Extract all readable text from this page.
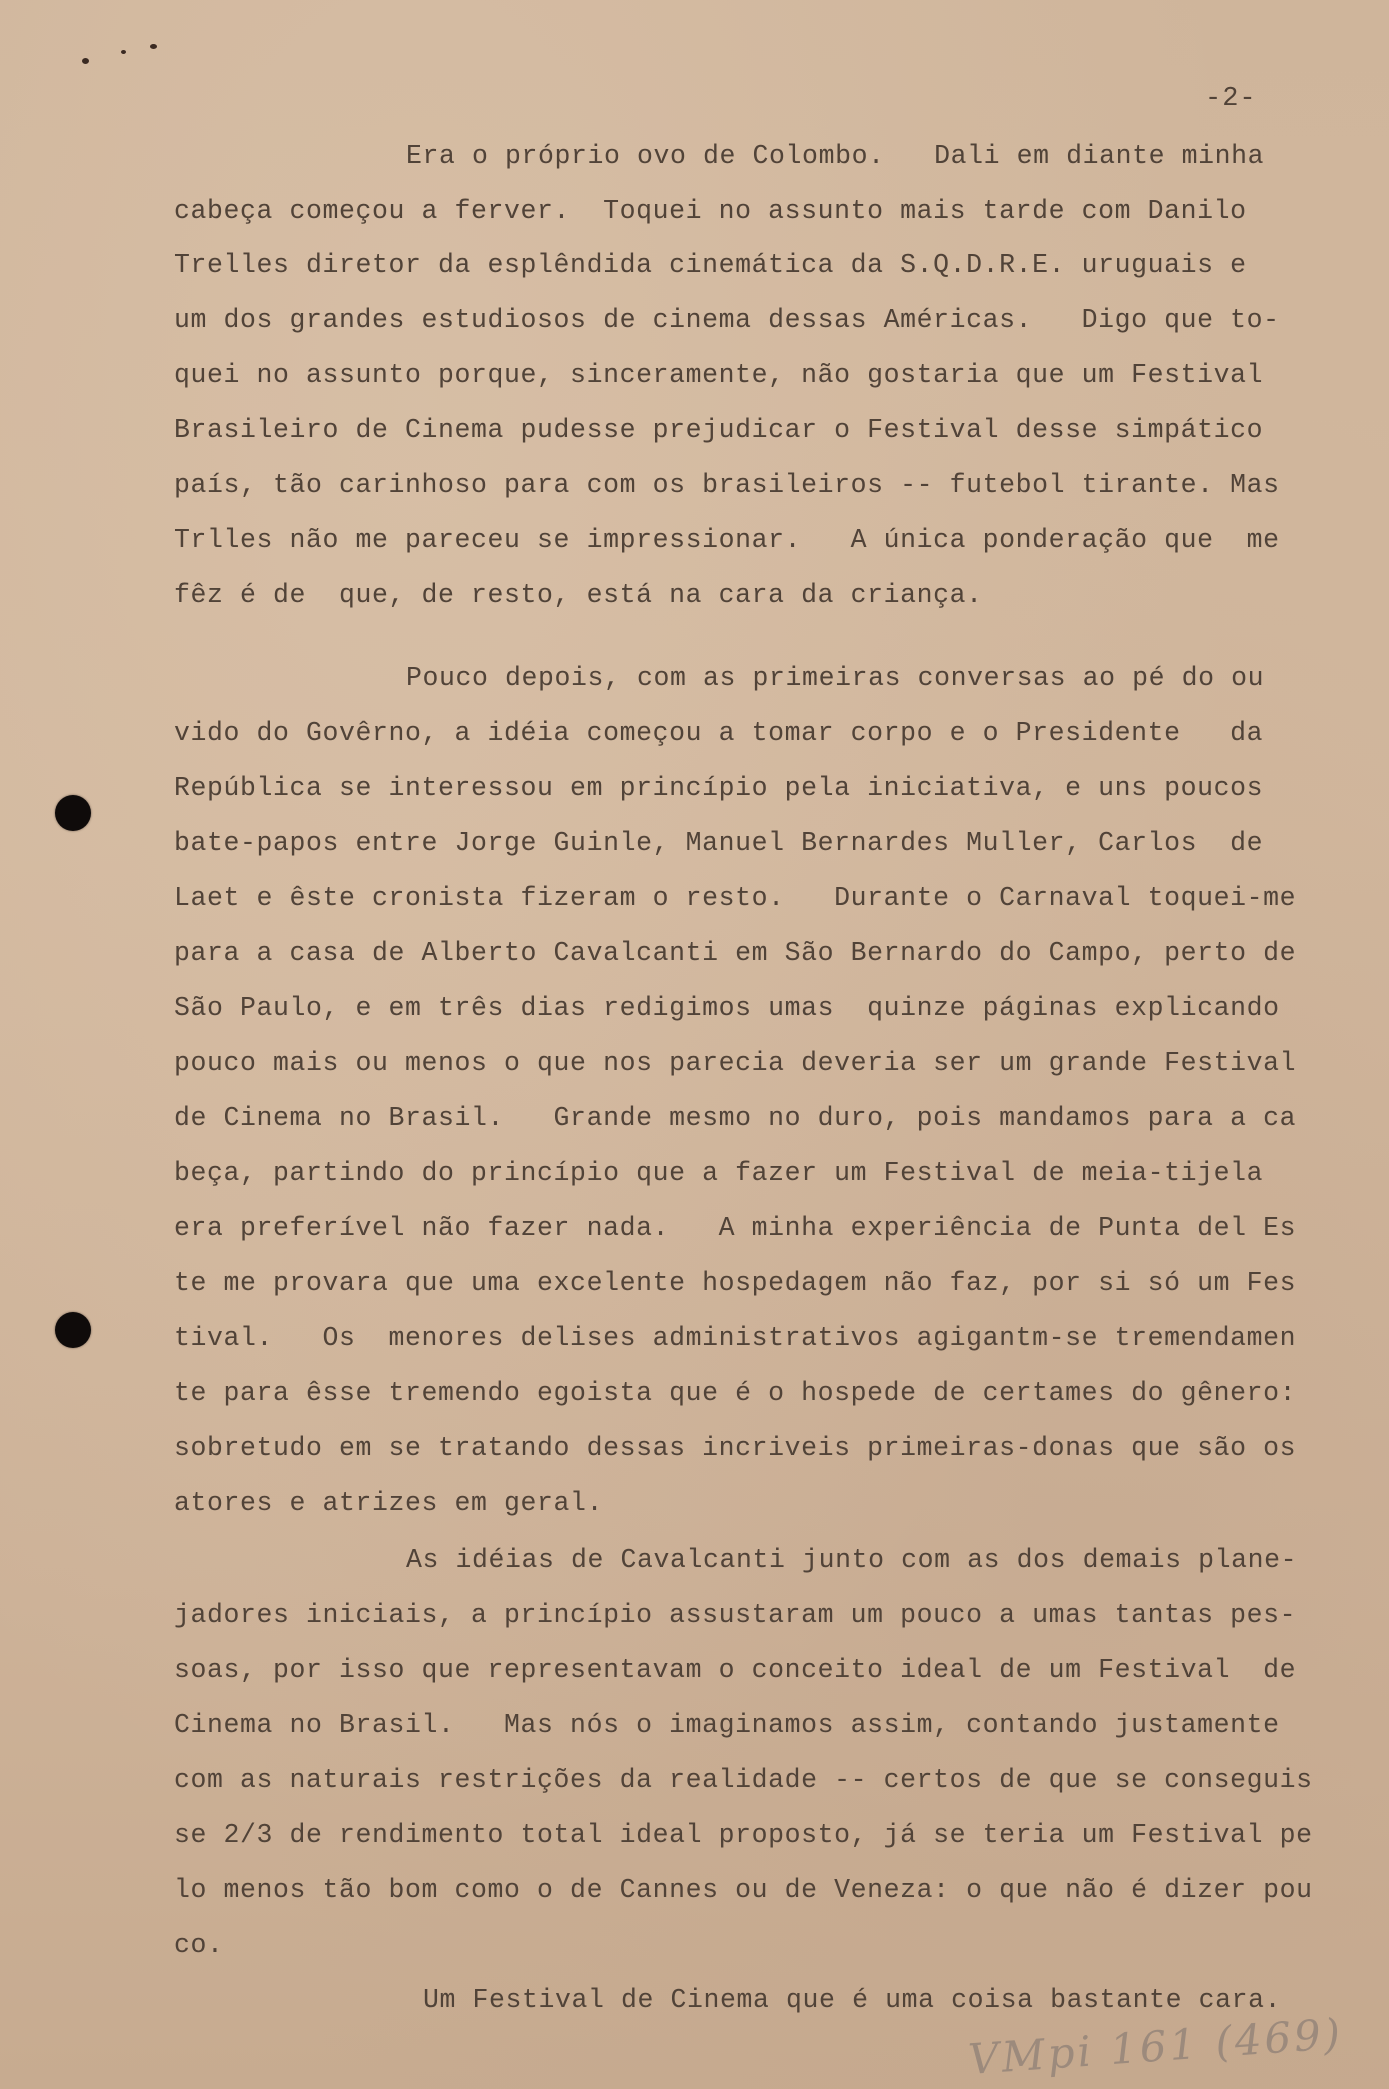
-2-
Era o próprio ovo de Colombo.   Dali em diante minha
cabeça começou a ferver.  Toquei no assunto mais tarde com Danilo
Trelles diretor da esplêndida cinemática da S.Q.D.R.E. uruguais e
um dos grandes estudiosos de cinema dessas Américas.   Digo que to-
quei no assunto porque, sinceramente, não gostaria que um Festival
Brasileiro de Cinema pudesse prejudicar o Festival desse simpático
país, tão carinhoso para com os brasileiros -- futebol tirante. Mas
Trlles não me pareceu se impressionar.   A única ponderação que  me
fêz é de  que, de resto, está na cara da criança.
Pouco depois, com as primeiras conversas ao pé do ou
vido do Govêrno, a idéia começou a tomar corpo e o Presidente   da
República se interessou em princípio pela iniciativa, e uns poucos
bate-papos entre Jorge Guinle, Manuel Bernardes Muller, Carlos  de
Laet e êste cronista fizeram o resto.   Durante o Carnaval toquei-me
para a casa de Alberto Cavalcanti em São Bernardo do Campo, perto de
São Paulo, e em três dias redigimos umas  quinze páginas explicando
pouco mais ou menos o que nos parecia deveria ser um grande Festival
de Cinema no Brasil.   Grande mesmo no duro, pois mandamos para a ca
beça, partindo do princípio que a fazer um Festival de meia-tijela
era preferível não fazer nada.   A minha experiência de Punta del Es
te me provara que uma excelente hospedagem não faz, por si só um Fes
tival.   Os  menores delises administrativos agigantm-se tremendamen
te para êsse tremendo egoista que é o hospede de certames do gênero:
sobretudo em se tratando dessas incriveis primeiras-donas que são os
atores e atrizes em geral.
As idéias de Cavalcanti junto com as dos demais plane-
jadores iniciais, a princípio assustaram um pouco a umas tantas pes-
soas, por isso que representavam o conceito ideal de um Festival  de
Cinema no Brasil.   Mas nós o imaginamos assim, contando justamente
com as naturais restrições da realidade -- certos de que se conseguis
se 2/3 de rendimento total ideal proposto, já se teria um Festival pe
lo menos tão bom como o de Cannes ou de Veneza: o que não é dizer pou
co.
Um Festival de Cinema que é uma coisa bastante cara.
VMpi 161 (469)
